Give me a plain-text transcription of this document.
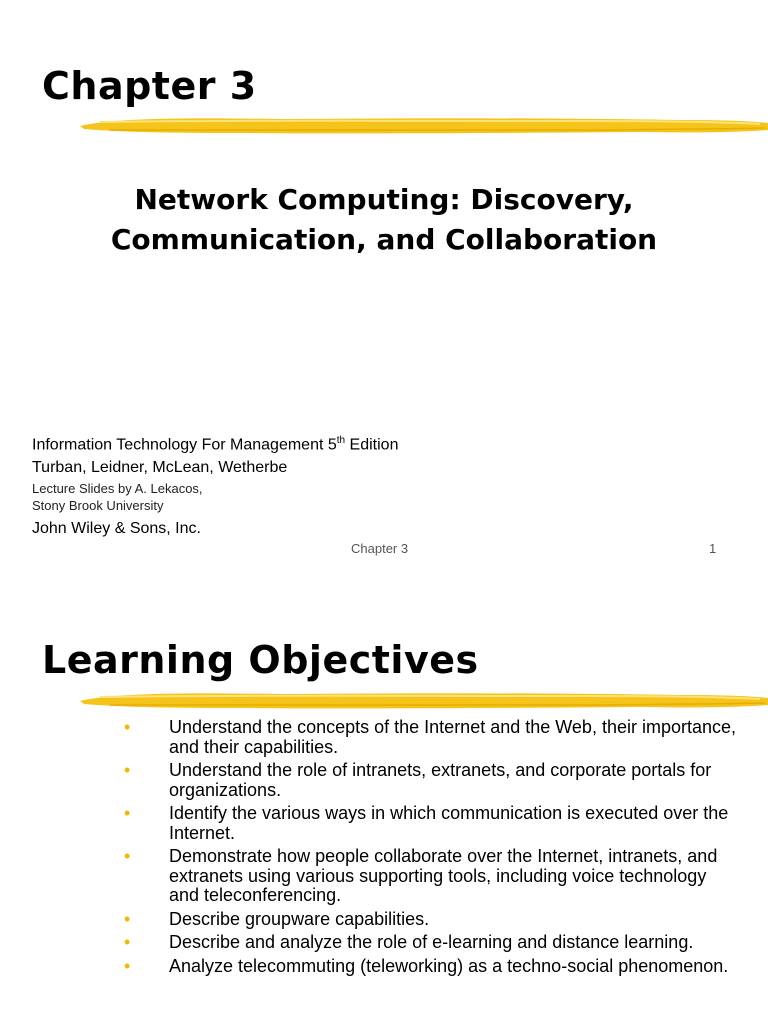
Chapter 3
Network Computing: Discovery,
Communication, and Collaboration
Information Technology For Management 5th Edition
Turban, Leidner, McLean, Wetherbe
Lecture Slides by A. Lekacos,
Stony Brook University
John Wiley & Sons, Inc.
Chapter 3	1
Learning Objectives
• Understand the concepts of the Internet and the Web, their importance, and their capabilities.
• Understand the role of intranets, extranets, and corporate portals for organizations.
• Identify the various ways in which communication is executed over the Internet.
• Demonstrate how people collaborate over the Internet, intranets, and extranets using various supporting tools, including voice technology and teleconferencing.
• Describe groupware capabilities.
• Describe and analyze the role of e-learning and distance learning.
• Analyze telecommuting (teleworking) as a techno-social phenomenon.
